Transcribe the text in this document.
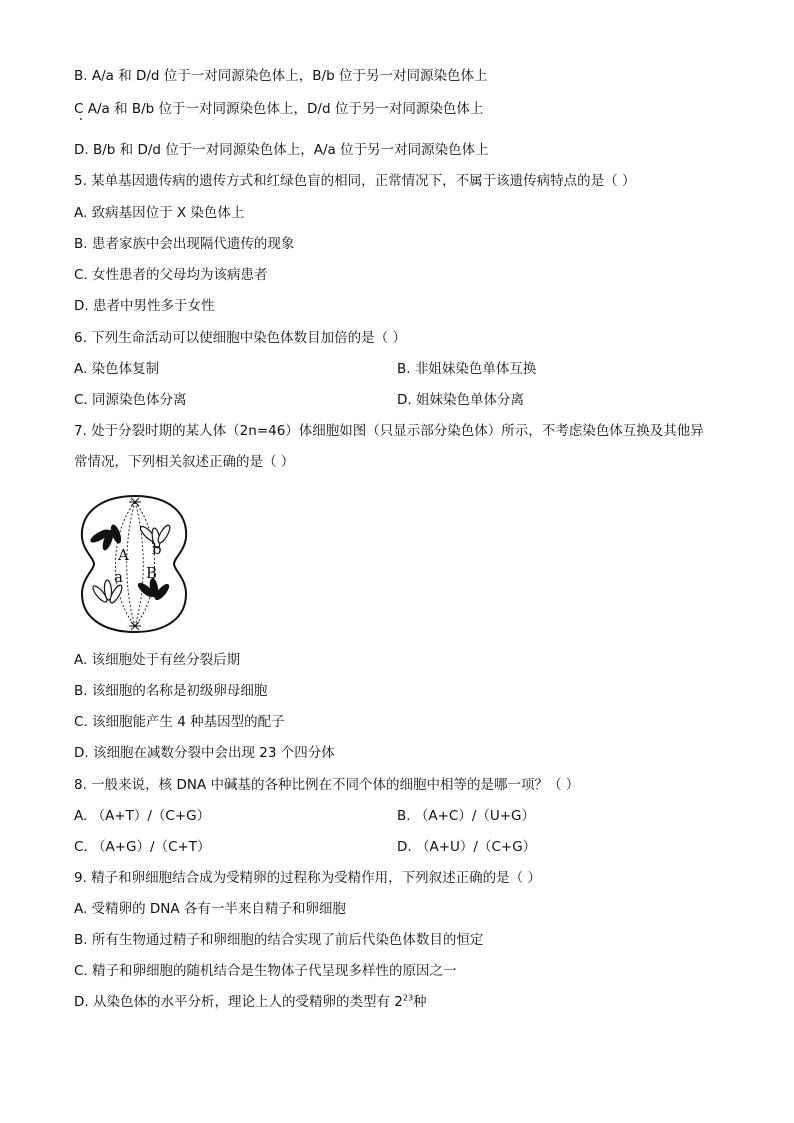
B. A/a 和 D/d 位于一对同源染色体上，B/b 位于另一对同源染色体上
C A/a 和 B/b 位于一对同源染色体上，D/d 位于另一对同源染色体上
D. B/b 和 D/d 位于一对同源染色体上，A/a 位于另一对同源染色体上
5. 某单基因遗传病的遗传方式和红绿色盲的相同，正常情况下，不属于该遗传病特点的是（ ）
A. 致病基因位于 X 染色体上
B. 患者家族中会出现隔代遗传的现象
C. 女性患者的父母均为该病患者
D. 患者中男性多于女性
6. 下列生命活动可以使细胞中染色体数目加倍的是（ ）
A. 染色体复制	B. 非姐妹染色单体互换
C. 同源染色体分离	D. 姐妹染色单体分离
7. 处于分裂时期的某人体（2n=46）体细胞如图（只显示部分染色体）所示，不考虑染色体互换及其他异
常情况，下列相关叙述正确的是（ ）
A b
a B
A. 该细胞处于有丝分裂后期
B. 该细胞的名称是初级卵母细胞
C. 该细胞能产生 4 种基因型的配子
D. 该细胞在减数分裂中会出现 23 个四分体
8. 一般来说，核 DNA 中碱基的各种比例在不同个体的细胞中相等的是哪一项？（ ）
A. （A+T）/（C+G）	B. （A+C）/（U+G）
C. （A+G）/（C+T）	D. （A+U）/（C+G）
9. 精子和卵细胞结合成为受精卵的过程称为受精作用，下列叙述正确的是（ ）
A. 受精卵的 DNA 各有一半来自精子和卵细胞
B. 所有生物通过精子和卵细胞的结合实现了前后代染色体数目的恒定
C. 精子和卵细胞的随机结合是生物体子代呈现多样性的原因之一
D. 从染色体的水平分析，理论上人的受精卵的类型有 $2^{23}$种
